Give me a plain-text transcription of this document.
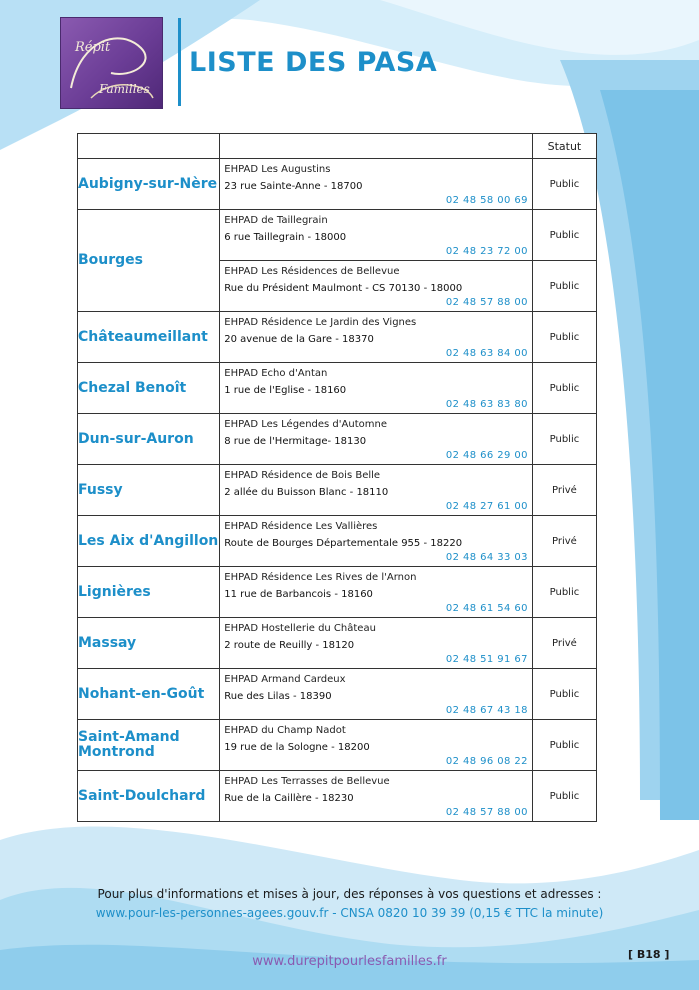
Répit
Familles
LISTE DES PASA
		Statut
Aubigny-sur-Nère	EHPAD Les Augustins
23 rue Sainte-Anne - 18700
02 48 58 00 69	Public
Bourges	EHPAD de Taillegrain
6 rue Taillegrain - 18000
02 48 23 72 00	Public

	EHPAD Les Résidences de Bellevue
Rue du Président Maulmont - CS 70130 - 18000
02 48 57 88 00	Public
Châteaumeillant	EHPAD Résidence Le Jardin des Vignes
20 avenue de la Gare - 18370
02 48 63 84 00	Public
Chezal Benoît	EHPAD Echo d'Antan
1 rue de l'Eglise - 18160
02 48 63 83 80	Public
Dun-sur-Auron	EHPAD Les Légendes d'Automne
8 rue de l'Hermitage- 18130
02 48 66 29 00	Public
Fussy	EHPAD Résidence de Bois Belle
2 allée du Buisson Blanc - 18110
02 48 27 61 00	Privé
Les Aix d'Angillon	EHPAD Résidence Les Vallières
Route de Bourges Départementale 955 - 18220
02 48 64 33 03	Privé
Lignières	EHPAD Résidence Les Rives de l'Arnon
11 rue de Barbancois - 18160
02 48 61 54 60	Public
Massay	EHPAD Hostellerie du Château
2 route de Reuilly - 18120
02 48 51 91 67	Privé
Nohant-en-Goût	EHPAD Armand Cardeux
Rue des Lilas - 18390
02 48 67 43 18	Public
Saint-Amand Montrond	EHPAD du Champ Nadot
19 rue de la Sologne - 18200
02 48 96 08 22	Public
Saint-Doulchard	EHPAD Les Terrasses de Bellevue
Rue de la Caillère - 18230
02 48 57 88 00	Public
Pour plus d'informations et mises à jour, des réponses à vos questions et adresses :
www.pour-les-personnes-agees.gouv.fr - CNSA 0820 10 39 39 (0,15 € TTC la minute)
www.durepitpourlesfamilles.fr	[ B18 ]
